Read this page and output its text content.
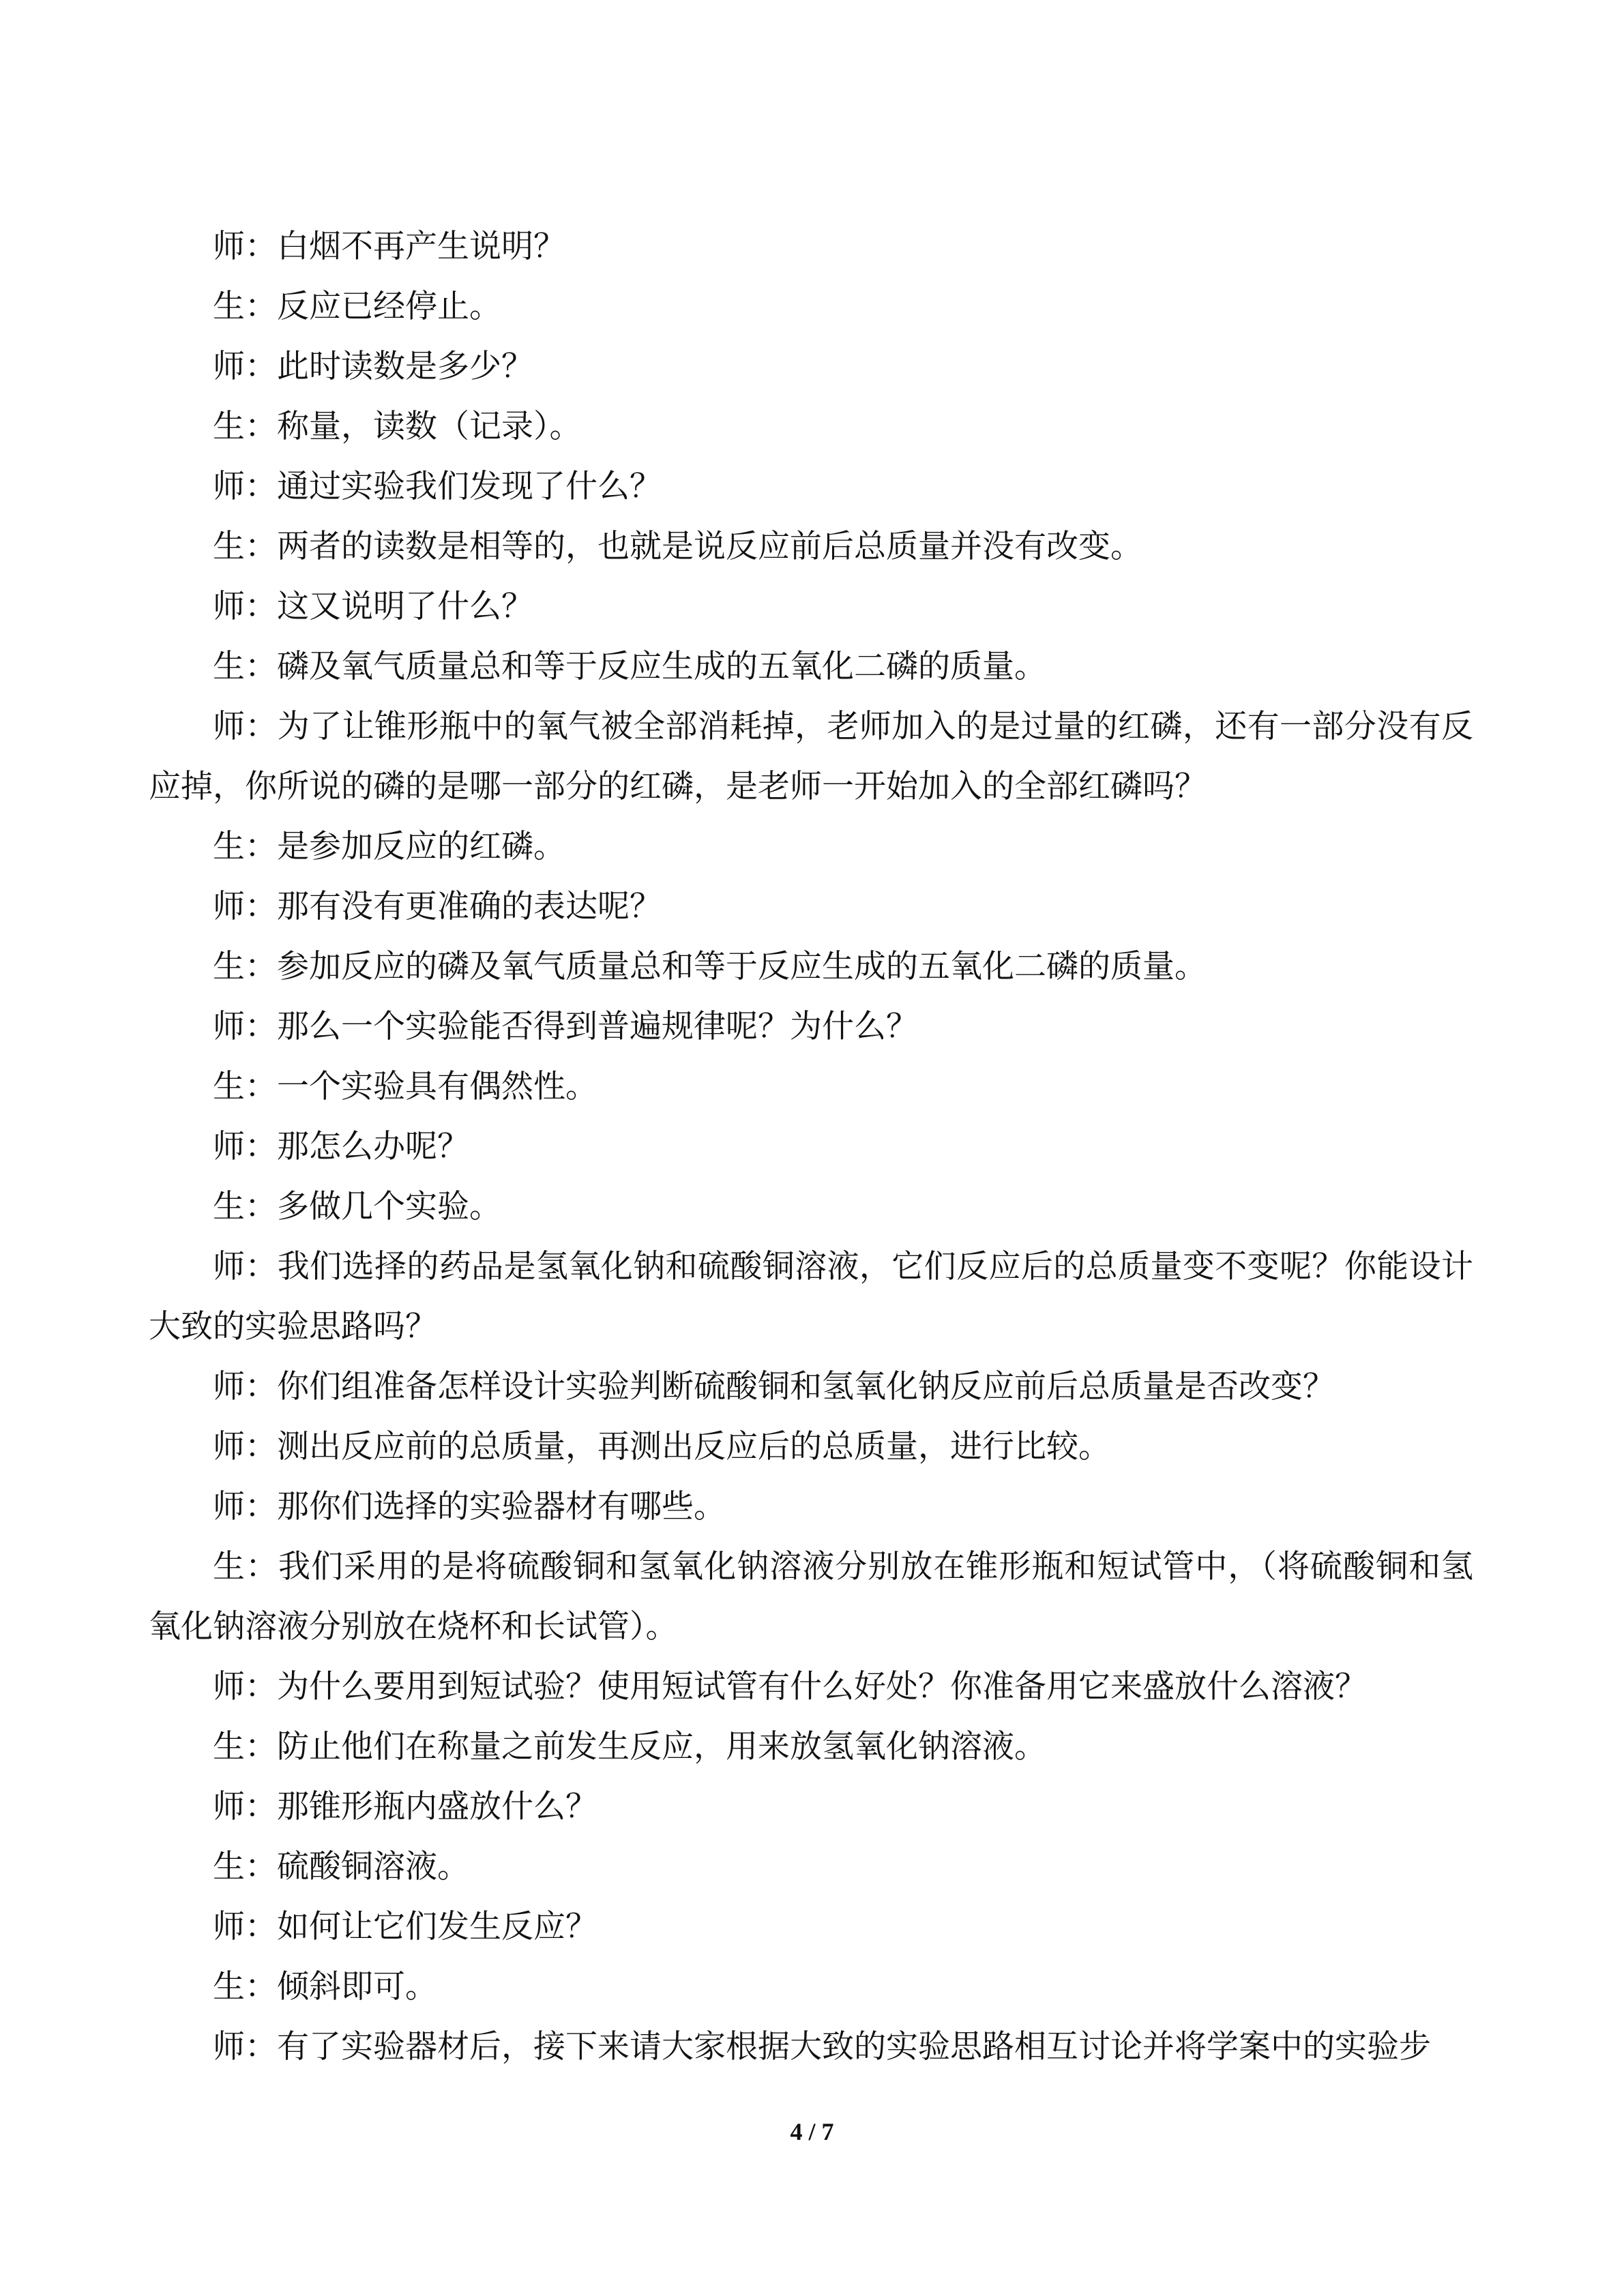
师：白烟不再产生说明？

生：反应已经停止。

师：此时读数是多少？

生：称量，读数（记录）。

师：通过实验我们发现了什么？

生：两者的读数是相等的，也就是说反应前后总质量并没有改变。

师：这又说明了什么？

生：磷及氧气质量总和等于反应生成的五氧化二磷的质量。

师：为了让锥形瓶中的氧气被全部消耗掉，老师加入的是过量的红磷，还有一部分没有反应掉，你所说的磷的是哪一部分的红磷，是老师一开始加入的全部红磷吗？

生：是参加反应的红磷。

师：那有没有更准确的表达呢？

生：参加反应的磷及氧气质量总和等于反应生成的五氧化二磷的质量。

师：那么一个实验能否得到普遍规律呢？为什么？

生：一个实验具有偶然性。

师：那怎么办呢？

生：多做几个实验。

师：我们选择的药品是氢氧化钠和硫酸铜溶液，它们反应后的总质量变不变呢？你能设计大致的实验思路吗？

师：你们组准备怎样设计实验判断硫酸铜和氢氧化钠反应前后总质量是否改变？

师：测出反应前的总质量，再测出反应后的总质量，进行比较。

师：那你们选择的实验器材有哪些。

生：我们采用的是将硫酸铜和氢氧化钠溶液分别放在锥形瓶和短试管中，（将硫酸铜和氢氧化钠溶液分别放在烧杯和长试管）。

师：为什么要用到短试验？使用短试管有什么好处？你准备用它来盛放什么溶液？

生：防止他们在称量之前发生反应，用来放氢氧化钠溶液。

师：那锥形瓶内盛放什么？

生：硫酸铜溶液。

师：如何让它们发生反应？

生：倾斜即可。

师：有了实验器材后，接下来请大家根据大致的实验思路相互讨论并将学案中的实验步

4 / 7
